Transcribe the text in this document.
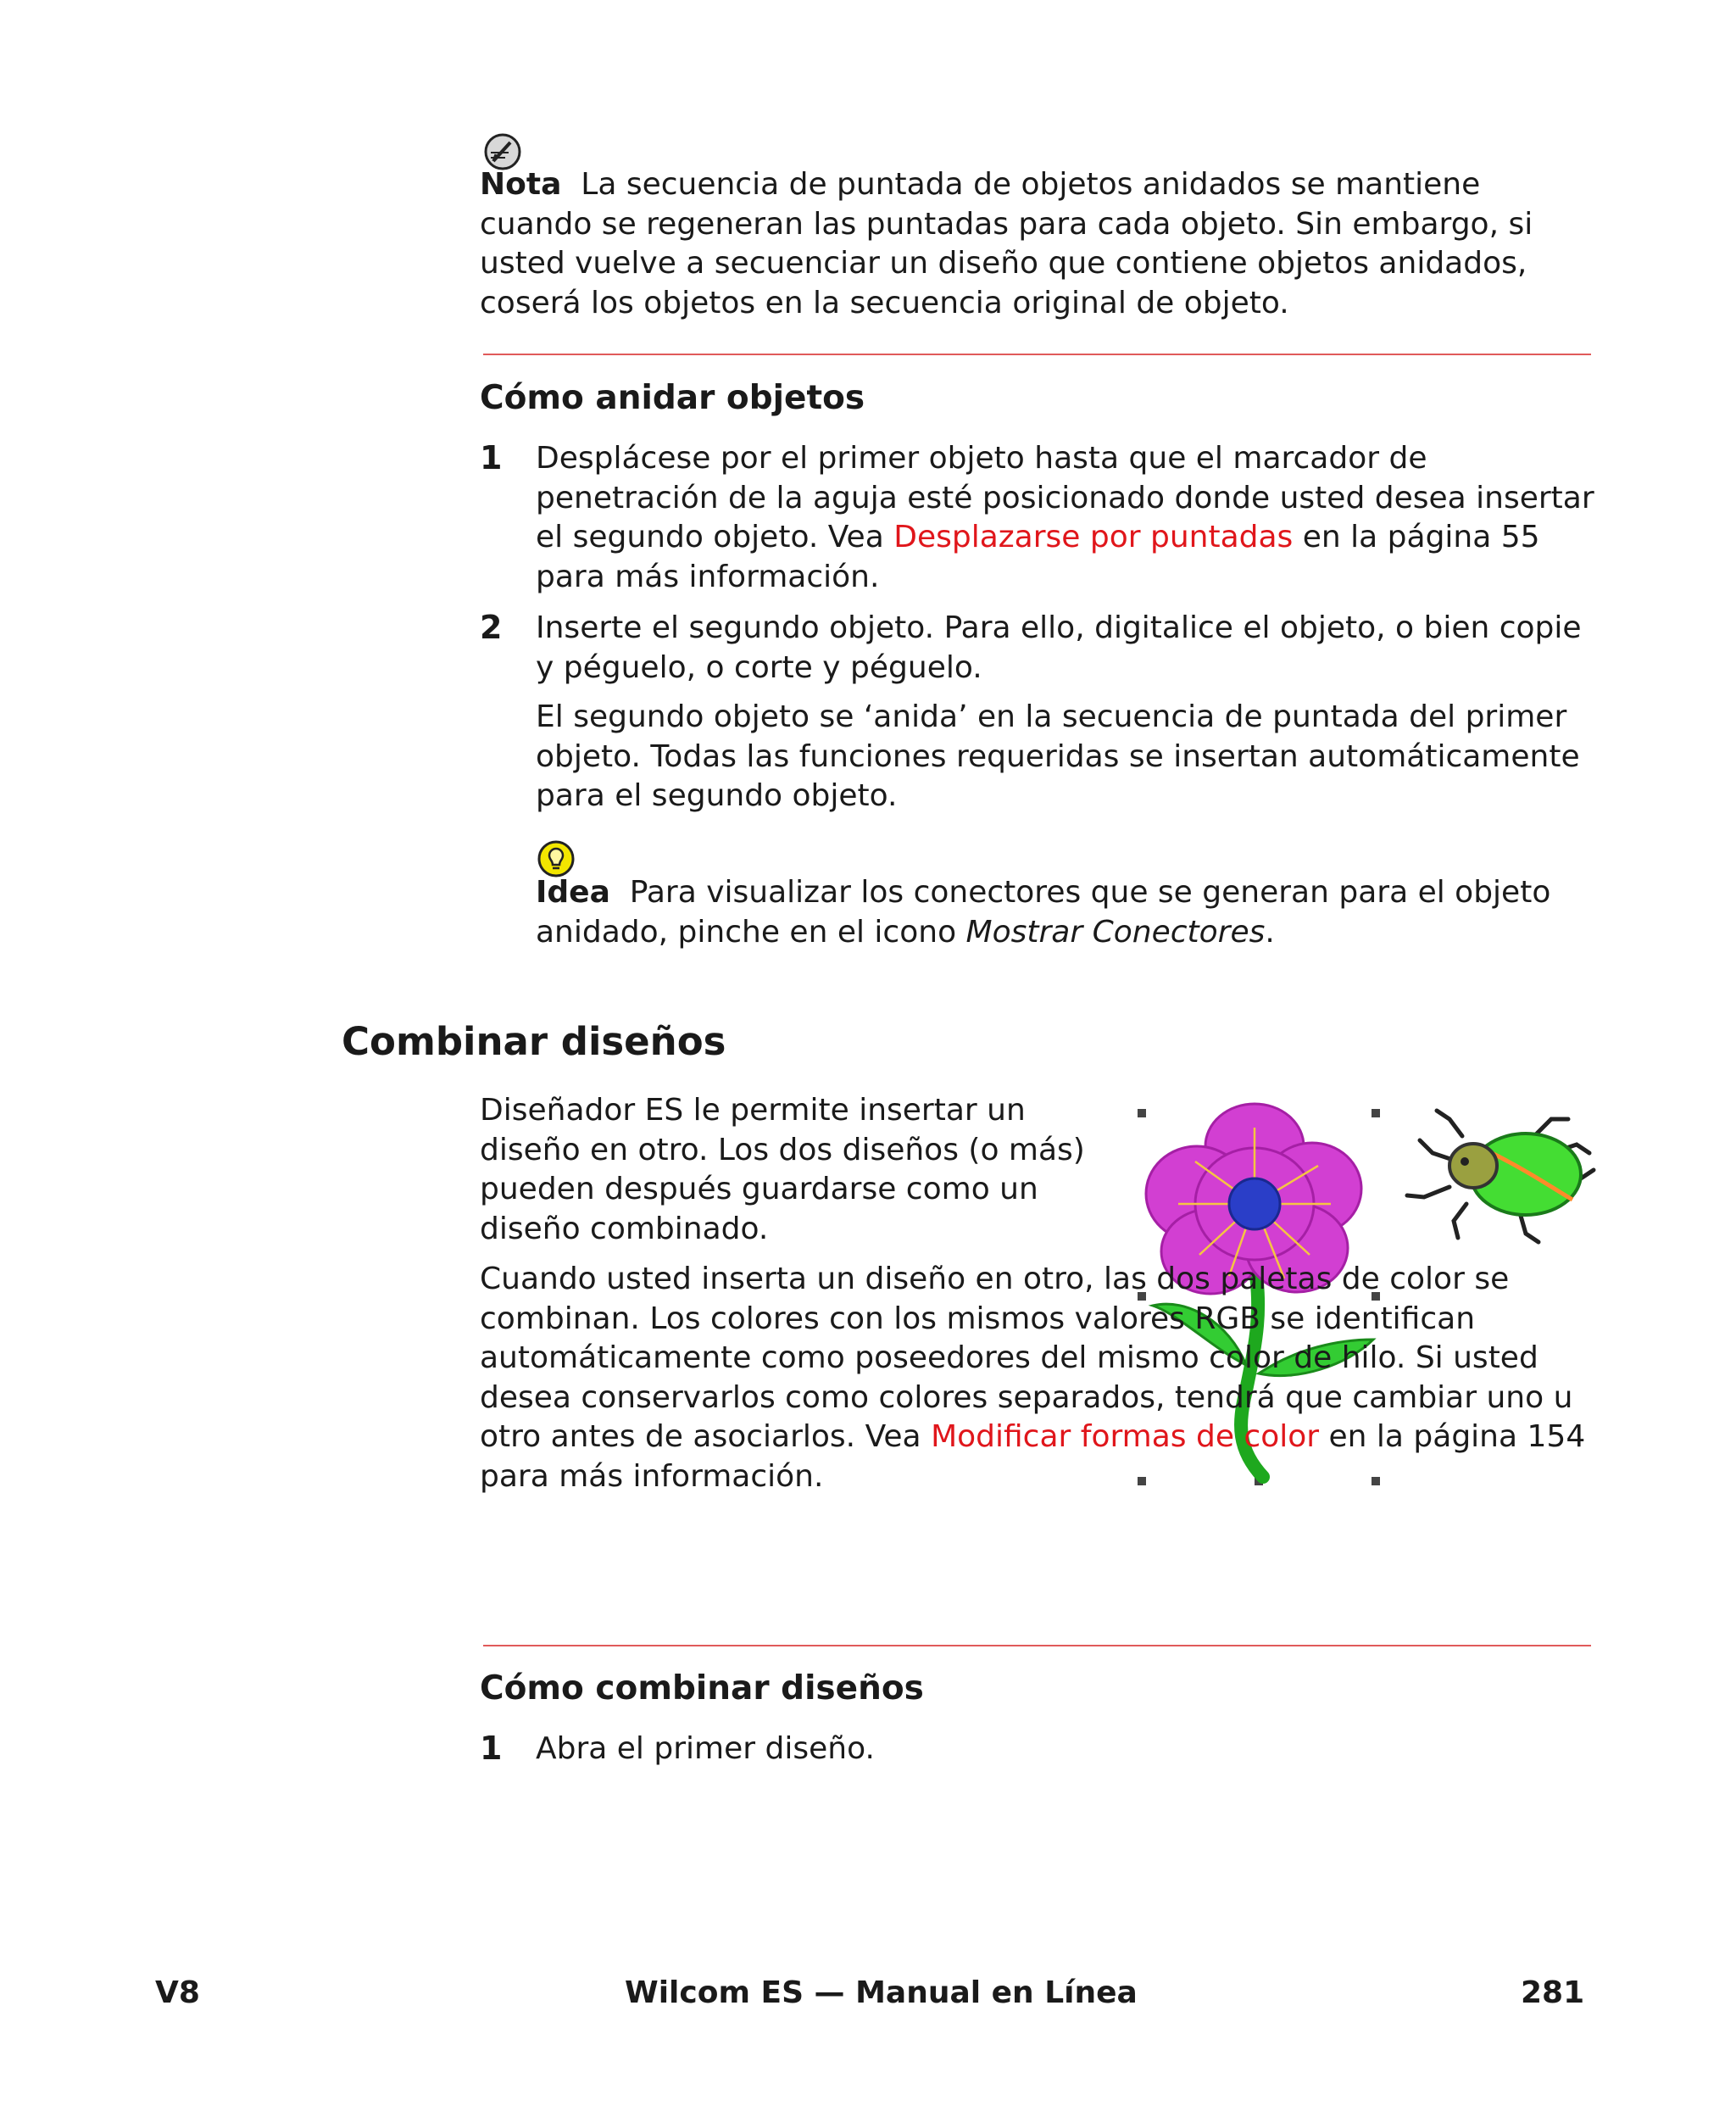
Nota La secuencia de puntada de objetos anidados se mantiene cuando se regeneran las puntadas para cada objeto. Sin embargo, si usted vuelve a secuenciar un diseño que contiene objetos anidados, coserá los objetos en la secuencia original de objeto.
Cómo anidar objetos
1 Desplácese por el primer objeto hasta que el marcador de penetración de la aguja esté posicionado donde usted desea insertar el segundo objeto. Vea Desplazarse por puntadas en la página 55 para más información.
2 Inserte el segundo objeto. Para ello, digitalice el objeto, o bien copie y péguelo, o corte y péguelo.
El segundo objeto se ‘anida’ en la secuencia de puntada del primer objeto. Todas las funciones requeridas se insertan automáticamente para el segundo objeto.
Idea Para visualizar los conectores que se generan para el objeto anidado, pinche en el icono Mostrar Conectores.
Combinar diseños
Diseñador ES le permite insertar un diseño en otro. Los dos diseños (o más) pueden después guardarse como un diseño combinado.
Cuando usted inserta un diseño en otro, las dos paletas de color se combinan. Los colores con los mismos valores RGB se identifican automáticamente como poseedores del mismo color de hilo. Si usted desea conservarlos como colores separados, tendrá que cambiar uno u otro antes de asociarlos. Vea Modificar formas de color en la página 154 para más información.
Cómo combinar diseños
1 Abra el primer diseño.
V8	Wilcom ES — Manual en Línea	281
